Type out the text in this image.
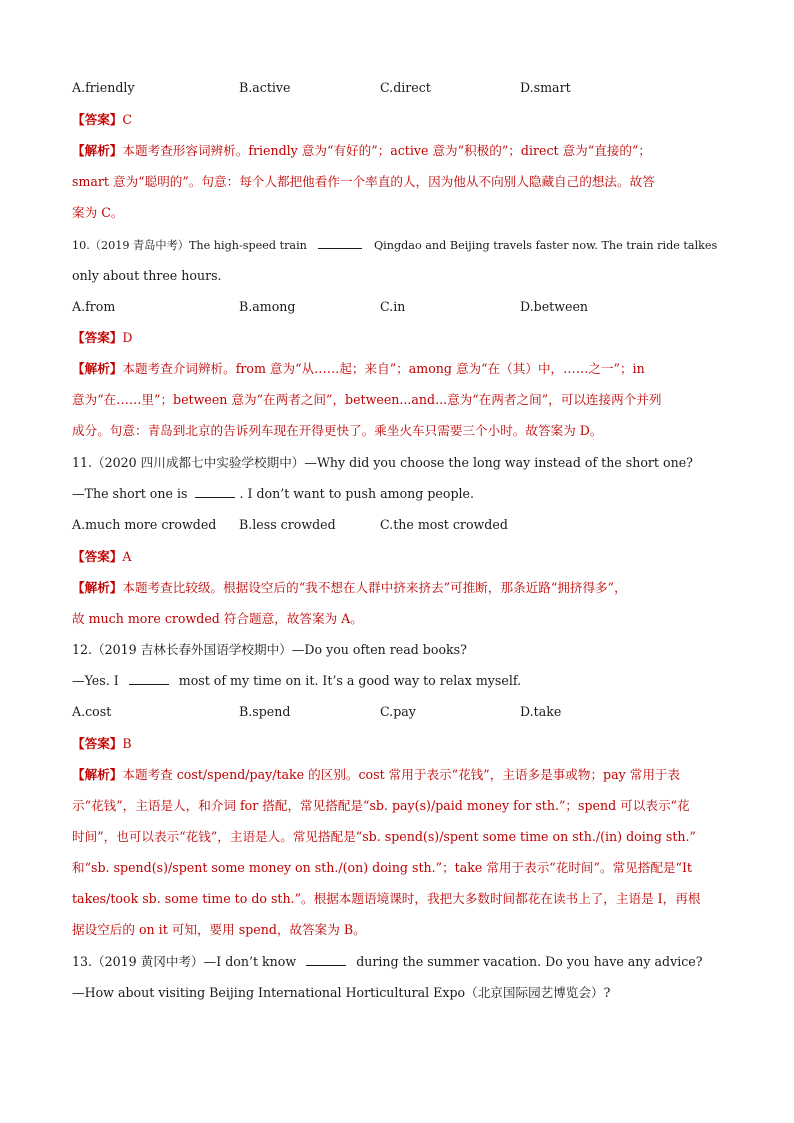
A.friendly	B.active	C.direct	D.smart
【答案】C
【解析】本题考查形容词辨析。friendly 意为“有好的”；active 意为“积极的”；direct 意为“直接的”；
smart 意为“聪明的”。句意：每个人都把他看作一个率直的人，因为他从不向别人隐藏自己的想法。故答
案为 C。
10.（2019 青岛中考）The high-speed train	Qingdao and Beijing travels faster now. The train ride talkes
only about three hours.
A.from	B.among	C.in	D.between
【答案】D
【解析】本题考查介词辨析。from 意为“从……起；来自”；among 意为“在（其）中，……之一”；in
意为“在……里”；between 意为“在两者之间”，between...and...意为“在两者之间”，可以连接两个并列
成分。句意：青岛到北京的告诉列车现在开得更快了。乘坐火车只需要三个小时。故答案为 D。
11.（2020 四川成都七中实验学校期中）—Why did you choose the long way instead of the short one?
—The short one is	. I don’t want to push among people.
A.much more crowded B.less crowded	C.the most crowded
【答案】A
【解析】本题考查比较级。根据设空后的“我不想在人群中挤来挤去”可推断，那条近路“拥挤得多”，
故 much more crowded 符合题意，故答案为 A。
12.（2019 吉林长春外国语学校期中）—Do you often read books?
—Yes. I	most of my time on it. It’s a good way to relax myself.
A.cost	B.spend	C.pay	D.take
【答案】B
【解析】本题考查 cost/spend/pay/take 的区别。cost 常用于表示“花钱”，主语多是事或物；pay 常用于表
示“花钱”，主语是人，和介词 for 搭配，常见搭配是“sb. pay(s)/paid money for sth.”；spend 可以表示“花
时间”，也可以表示“花钱”，主语是人。常见搭配是“sb. spend(s)/spent some time on sth./(in) doing sth.”
和“sb. spend(s)/spent some money on sth./(on) doing sth.”；take 常用于表示“花时间”。常见搭配是“It
takes/took sb. some time to do sth.”。根据本题语境课时，我把大多数时间都花在读书上了，主语是 I，再根
据设空后的 on it 可知，要用 spend，故答案为 B。
13.（2019 黄冈中考）—I don’t know	during the summer vacation. Do you have any advice?
—How about visiting Beijing International Horticultural Expo（北京国际园艺博览会）?
